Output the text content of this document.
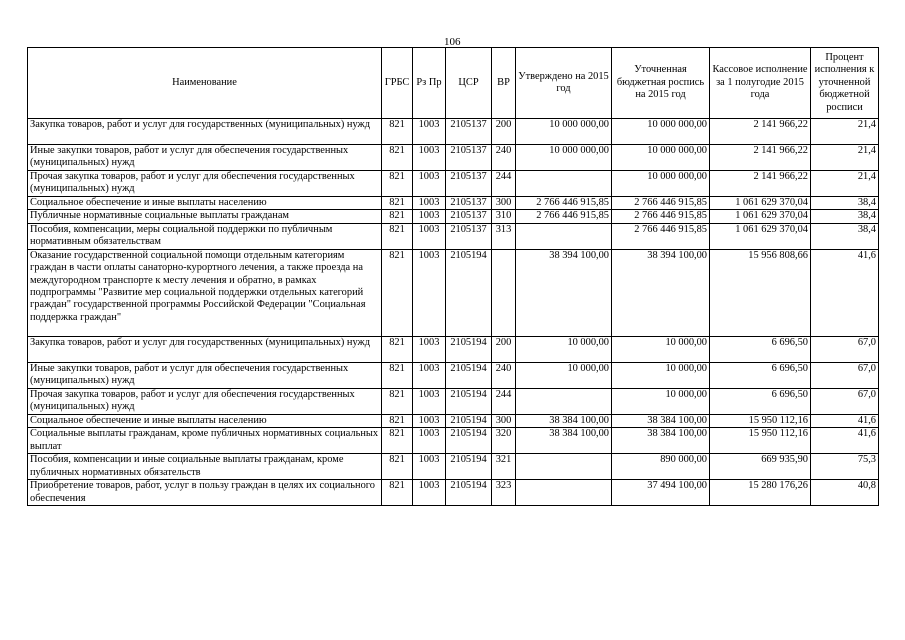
106
Наименование	ГРБС	Рз Пр	ЦСР	ВР	Утверждено на 2015 год	Уточненная бюджетная роспись на 2015 год	Кассовое исполнение за 1 полугодие 2015 года	Процент исполнения к уточненной бюджетной росписи
Закупка товаров, работ и услуг для государственных (муниципальных) нужд	821	1003	2105137	200	10 000 000,00	10 000 000,00	2 141 966,22	21,4
Иные закупки товаров, работ и услуг для обеспечения государственных (муниципальных) нужд	821	1003	2105137	240	10 000 000,00	10 000 000,00	2 141 966,22	21,4
Прочая закупка товаров, работ и услуг для обеспечения государственных (муниципальных) нужд	821	1003	2105137	244		10 000 000,00	2 141 966,22	21,4
Социальное обеспечение и иные выплаты населению	821	1003	2105137	300	2 766 446 915,85	2 766 446 915,85	1 061 629 370,04	38,4
Публичные нормативные социальные выплаты гражданам	821	1003	2105137	310	2 766 446 915,85	2 766 446 915,85	1 061 629 370,04	38,4
Пособия, компенсации, меры социальной поддержки по публичным нормативным обязательствам	821	1003	2105137	313		2 766 446 915,85	1 061 629 370,04	38,4
Оказание государственной социальной помощи отдельным категориям граждан в части оплаты санаторно-курортного лечения, а также проезда на междугородном транспорте к месту лечения и обратно, в рамках подпрограммы "Развитие мер социальной поддержки отдельных категорий граждан" государственной программы Российской Федерации "Социальная поддержка граждан"	821	1003	2105194		38 394 100,00	38 394 100,00	15 956 808,66	41,6
Закупка товаров, работ и услуг для государственных (муниципальных) нужд	821	1003	2105194	200	10 000,00	10 000,00	6 696,50	67,0
Иные закупки товаров, работ и услуг для обеспечения государственных (муниципальных) нужд	821	1003	2105194	240	10 000,00	10 000,00	6 696,50	67,0
Прочая закупка товаров, работ и услуг для обеспечения государственных (муниципальных) нужд	821	1003	2105194	244		10 000,00	6 696,50	67,0
Социальное обеспечение и иные выплаты населению	821	1003	2105194	300	38 384 100,00	38 384 100,00	15 950 112,16	41,6
Социальные выплаты гражданам, кроме публичных нормативных социальных выплат	821	1003	2105194	320	38 384 100,00	38 384 100,00	15 950 112,16	41,6
Пособия, компенсации и иные социальные выплаты гражданам, кроме публичных нормативных обязательств	821	1003	2105194	321		890 000,00	669 935,90	75,3
Приобретение товаров, работ, услуг в пользу граждан в целях их социального обеспечения	821	1003	2105194	323		37 494 100,00	15 280 176,26	40,8
